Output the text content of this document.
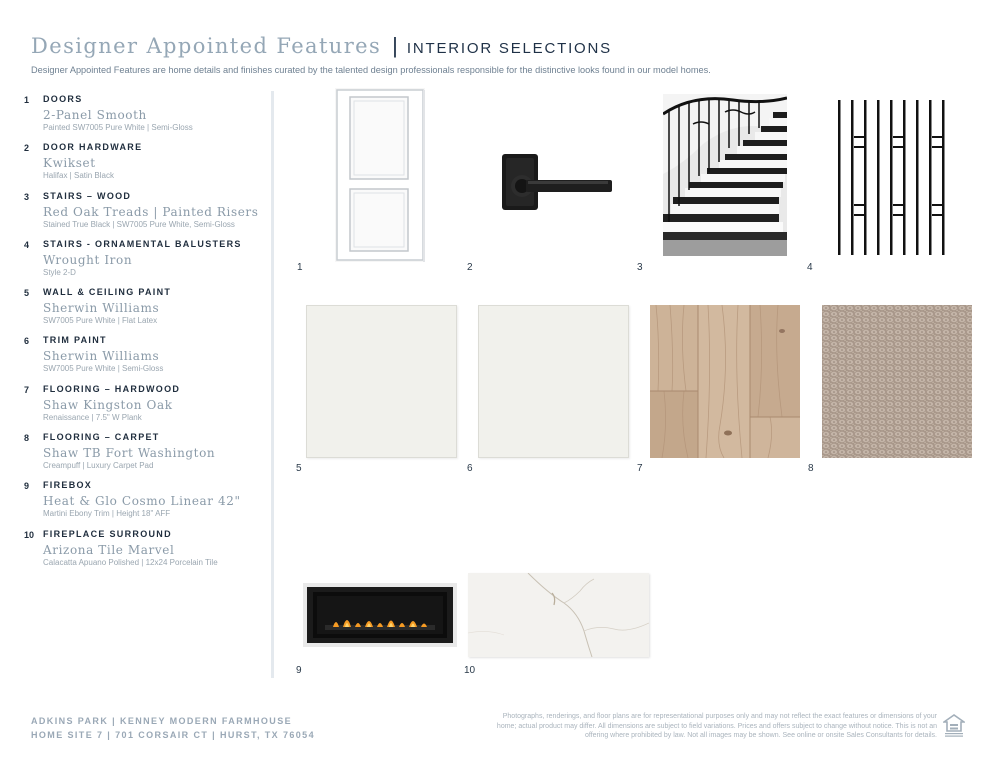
Designer Appointed Features | INTERIOR SELECTIONS
Designer Appointed Features are home details and finishes curated by the talented design professionals responsible for the distinctive looks found in our model homes.
1	DOORS
2-Panel Smooth
Painted SW7005 Pure White | Semi-Gloss
2	DOOR HARDWARE
Kwikset
Halifax | Satin Black
3	STAIRS – WOOD
Red Oak Treads | Painted Risers
Stained True Black | SW7005 Pure White, Semi-Gloss
4	STAIRS - ORNAMENTAL BALUSTERS
Wrought Iron
Style 2-D
5	WALL & CEILING PAINT
Sherwin Williams
SW7005 Pure White | Flat Latex
6	TRIM PAINT
Sherwin Williams
SW7005 Pure White | Semi-Gloss
7	FLOORING – HARDWOOD
Shaw Kingston Oak
Renaissance | 7.5" W Plank
8	FLOORING – CARPET
Shaw TB Fort Washington
Creampuff | Luxury Carpet Pad
9	FIREBOX
Heat & Glo Cosmo Linear 42"
Martini Ebony Trim | Height 18" AFF
10 FIREPLACE SURROUND
Arizona Tile Marvel
Calacatta Apuano Polished | 12x24 Porcelain Tile
1	2	3	4
5	6	7	8
9	10
ADKINS PARK | KENNEY MODERN FARMHOUSE
HOME SITE 7 | 701 CORSAIR CT | HURST, TX 76054
Photographs, renderings, and floor plans are for representational purposes only and may not reflect the exact features or dimensions of your home; actual product may differ. All dimensions are subject to field variations. Prices and offers subject to change without notice. This is not an offering where prohibited by law. Not all images may be shown. See online or onsite Sales Consultants for details.
